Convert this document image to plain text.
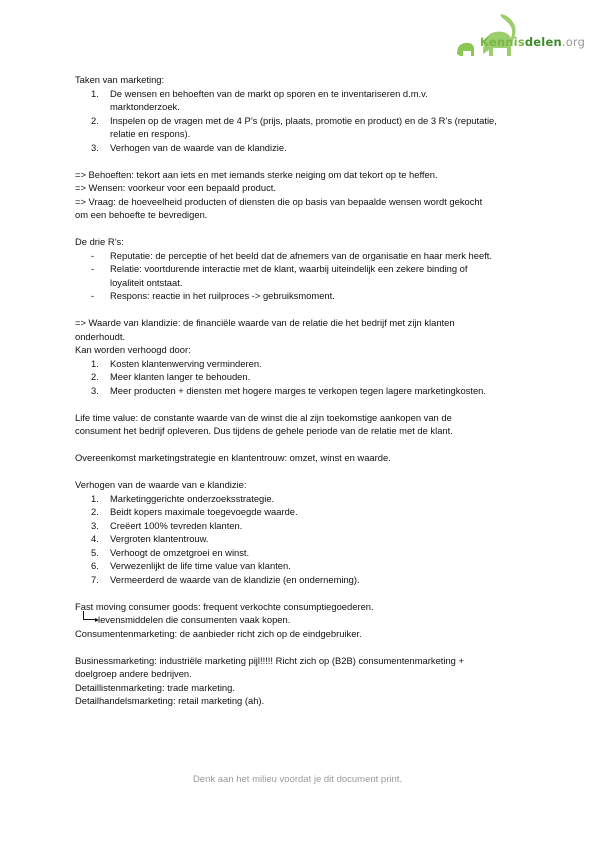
Kennisdelen.org
Taken van marketing:
1. De wensen en behoeften van de markt op sporen en te inventariseren d.m.v.
marktonderzoek.
2. Inspelen op de vragen met de 4 P’s (prijs, plaats, promotie en product) en de 3 R’s (reputatie,
relatie en respons).
3. Verhogen van de waarde van de klandizie.
=> Behoeften: tekort aan iets en met iemands sterke neiging om dat tekort op te heffen.
=> Wensen: voorkeur voor een bepaald product.
=> Vraag: de hoeveelheid producten of diensten die op basis van bepaalde wensen wordt gekocht
om een behoefte te bevredigen.
De drie R’s:
- Reputatie: de perceptie of het beeld dat de afnemers van de organisatie en haar merk heeft.
- Relatie: voortdurende interactie met de klant, waarbij uiteindelijk een zekere binding of
loyaliteit ontstaat.
- Respons: reactie in het ruilproces -> gebruiksmoment.
=> Waarde van klandizie: de financiële waarde van de relatie die het bedrijf met zijn klanten
onderhoudt.
Kan worden verhoogd door:
1. Kosten klantenwerving verminderen.
2. Meer klanten langer te behouden.
3. Meer producten + diensten met hogere marges te verkopen tegen lagere marketingkosten.
Life time value: de constante waarde van de winst die al zijn toekomstige aankopen van de
consument het bedrijf opleveren. Dus tijdens de gehele periode van de relatie met de klant.
Overeenkomst marketingstrategie en klantentrouw: omzet, winst en waarde.
Verhogen van de waarde van e klandizie:
1. Marketinggerichte onderzoeksstrategie.
2. Beidt kopers maximale toegevoegde waarde.
3. Creëert 100% tevreden klanten.
4. Vergroten klantentrouw.
5. Verhoogt de omzetgroei en winst.
6. Verwezenlijkt de life time value van klanten.
7. Vermeerderd de waarde van de klandizie (en onderneming).
Fast moving consumer goods: frequent verkochte consumptiegoederen.
levensmiddelen die consumenten vaak kopen.
Consumentenmarketing: de aanbieder richt zich op de eindgebruiker.
Businessmarketing: industriële marketing pijl!!!!! Richt zich op (B2B) consumentenmarketing +
doelgroep andere bedrijven.
Detaillistenmarketing: trade marketing.
Detailhandelsmarketing: retail marketing (ah).
Denk aan het milieu voordat je dit document print.
